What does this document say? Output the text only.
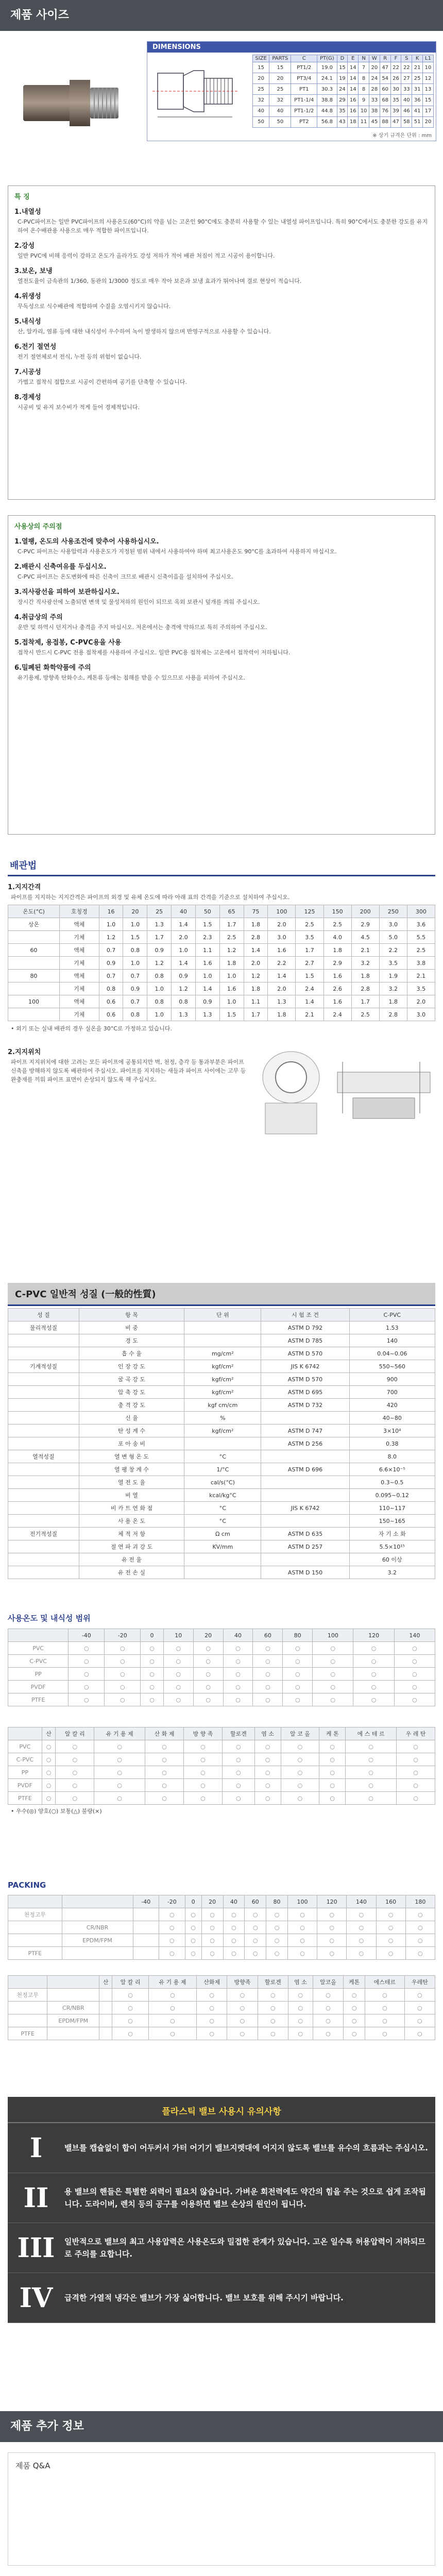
제품 사이즈
DIMENSIONS
SIZE	PARTS	C	PT(G)	D	E	N	W	R	F	S	K	L1
15	15	PT1/2	19.0	15	14	7	20	47	22	22	21	10
20	20	PT3/4	24.1	19	14	8	24	54	26	27	25	12
25	25	PT1	30.3	24	14	8	28	60	30	33	31	13
32	32	PT1-1/4	38.8	29	16	9	33	68	35	40	36	15
40	40	PT1-1/2	44.8	35	16	10	38	76	39	46	41	17
50	50	PT2	56.8	43	18	11	45	88	47	58	51	20
※ 상기 규격은 단위 : mm
특 징
1.내열성
C-PVC파이프는 일반 PVC파이프의 사용온도(60°C)의 약을 넘는 고온인 90°C에도 충분히 사용할 수 있는 내열성 파이프입니다. 특히 90°C에서도 충분한 강도를 유지하여 온수배관용 사용으로 매우 적합한 파이프입니다.
2.강성
일반 PVC에 비해 응력이 강하고 온도가 올라가도 강성 저하가 적어 배관 처짐이 적고 시공이 용이합니다.
3.보온, 보냉
열전도율이 금속관의 1/360, 동관의 1/3000 정도로 매우 작아 보온과 보냉 효과가 뛰어나며 결로 현상이 적습니다.
4.위생성
무독성으로 식수배관에 적합하며 수질을 오염시키지 않습니다.
5.내식성
산, 알카리, 염류 등에 대한 내식성이 우수하여 녹이 발생하지 않으며 반영구적으로 사용할 수 있습니다.
6.전기 절연성
전기 절연체로서 전식, 누전 등의 위험이 없습니다.
7.시공성
가볍고 접착식 접합으로 시공이 간편하며 공기를 단축할 수 있습니다.
8.경제성
시공비 및 유지 보수비가 적게 들어 경제적입니다.
사용상의 주의점
1.열팽, 온도의 사용조건에 맞추어 사용하십시오.
C-PVC 파이프는 사용압력과 사용온도가 지정된 범위 내에서 사용하여야 하며 최고사용온도 90°C를 초과하여 사용하지 마십시오.
2.배관시 신축여유를 두십시오.
C-PVC 파이프는 온도변화에 따른 신축이 크므로 배관시 신축이음을 설치하여 주십시오.
3.직사광선을 피하여 보관하십시오.
장시간 직사광선에 노출되면 변색 및 물성저하의 원인이 되므로 옥외 보관시 덮개를 씌워 주십시오.
4.취급상의 주의
운반 및 하역시 던지거나 충격을 주지 마십시오. 저온에서는 충격에 약하므로 특히 주의하여 주십시오.
5.접착제, 용접봉, C-PVC용을 사용
접착시 반드시 C-PVC 전용 접착제를 사용하여 주십시오. 일반 PVC용 접착제는 고온에서 접착력이 저하됩니다.
6.밀폐된 화학약품에 주의
유기용제, 방향족 탄화수소, 케톤류 등에는 침해를 받을 수 있으므로 사용을 피하여 주십시오.
배관법
1.지지간격
파이프를 지지하는 지지간격은 파이프의 외경 및 유체 온도에 따라 아래 표의 간격을 기준으로 설치하여 주십시오.
온도(°C)	호칭경	16	20	25	40	50	65	75	100	125	150	200	250	300
상온	액체	1.0	1.0	1.3	1.4	1.5	1.7	1.8	2.0	2.5	2.5	2.9	3.0	3.6
	기체	1.2	1.5	1.7	2.0	2.3	2.5	2.8	3.0	3.5	4.0	4.5	5.0	5.5
60	액체	0.7	0.8	0.9	1.0	1.1	1.2	1.4	1.6	1.7	1.8	2.1	2.2	2.5
	기체	0.9	1.0	1.2	1.4	1.6	1.8	2.0	2.2	2.7	2.9	3.2	3.5	3.8
80	액체	0.7	0.7	0.8	0.9	1.0	1.0	1.2	1.4	1.5	1.6	1.8	1.9	2.1
	기체	0.8	0.9	1.0	1.2	1.4	1.6	1.8	2.0	2.4	2.6	2.8	3.2	3.5
100	액체	0.6	0.7	0.8	0.8	0.9	1.0	1.1	1.3	1.4	1.6	1.7	1.8	2.0
	기체	0.6	0.8	1.0	1.3	1.3	1.5	1.7	1.8	2.1	2.4	2.5	2.8	3.0
• 외기 또는 실내 배관의 경우 실온을 30°C로 가정하고 있습니다.
2.지지위치
파이프 지지위치에 대한 고려는 모든 파이프에 공통되지만 벽, 천정, 층각 등 통과부분은 파이프 신축을 방해하지 않도록 배관하여 주십시오. 파이프를 지지하는 새들과 파이프 사이에는 고무 등 완충재를 끼워 파이프 표면이 손상되지 않도록 해 주십시오.
C-PVC 일반적 성질 (一般的性質)
성 질	항 목	단 위	시 험 조 건	C-PVC
물리적성질	비 중		ASTM D 792	1.53
	경 도		ASTM D 785	140
	흡 수 율	mg/cm²	ASTM D 570	0.04~0.06
기계적성질	인 장 강 도	kgf/cm²	JIS K 6742	550~560
	굴 곡 강 도	kgf/cm²	ASTM D 570	900
	압 축 강 도	kgf/cm²	ASTM D 695	700
	충 격 강 도	kgf cm/cm	ASTM D 732	420
	신 율	%		40~80
	탄 성 계 수	kgf/cm²	ASTM D 747	3×10⁴
	포 아 송 비		ASTM D 256	0.38
열적성질	열 변 형 온 도	°C		8.0
	열 팽 창 계 수	1/°C	ASTM D 696	6.6×10⁻⁵
	열 전 도 율	cal/s(°C)		0.3~0.5
	비 열	kcal/kg°C		0.095~0.12
	비 카 트 연 화 점	°C	JIS K 6742	110~117
	사 용 온 도	°C		150~165
전기적성질	체 적 저 항	Ω cm	ASTM D 635	자 기 소 화
	절 연 파 괴 강 도	KV/mm	ASTM D 257	5.5×10¹⁵
	유 전 율			60 이상
	유 전 손 실		ASTM D 150	3.2
사용온도 및 내식성 범위
	-40	-20	0	10	20	40	60	80	100	120	140
PVC	○	○	○	○	○	○	○	○	○	○	○
C-PVC	○	○	○	○	○	○	○	○	○	○	○
PP	○	○	○	○	○	○	○	○	○	○	○
PVDF	○	○	○	○	○	○	○	○	○	○	○
PTFE	○	○	○	○	○	○	○	○	○	○	○
	산	알 칼 리	유 기 용 제	산 화 제	방 향 족	할로겐	염 소	알 코 올	케 톤	에 스 테 르	우 레 탄
PVC	○	○	○	○	○	○	○	○	○	○	○
C-PVC	○	○	○	○	○	○	○	○	○	○	○
PP	○	○	○	○	○	○	○	○	○	○	○
PVDF	○	○	○	○	○	○	○	○	○	○	○
PTFE	○	○	○	○	○	○	○	○	○	○	○
• 우수(◎) 양호(○) 보통(△) 불량(×)
PACKING
		-40	-20	0	20	40	60	80	100	120	140	160	180
천정고무			○	○	○	○	○	○	○	○	○	○	○
	CR/NBR		○	○	○	○	○	○	○	○	○	○	○
	EPDM/FPM		○	○	○	○	○	○	○	○	○	○	○
PTFE			○	○	○	○	○	○	○	○	○	○	○
		산	알 칼 리	유 기 용 제	산화제	방향족	할로겐	염 소	알코올	케톤	에스테르	우레탄
천정고무			○	○	○	○	○	○	○	○	○	○
	CR/NBR		○	○	○	○	○	○	○	○	○	○
	EPDM/FPM		○	○	○	○	○	○	○	○	○	○
PTFE			○	○	○	○	○	○	○	○	○	○
플라스틱 밸브 사용시 유의사항
I	밸브를 캡슐없이 합이 어두커서 가터 어기기 밸브지렛대에 어지지 않도록 밸브를 유수의 흐름과는 주십시오.
II	용 밸브의 핸들은 특별한 외력이 필요치 않습니다. 가벼운 회전력에도 약간의 힘을 주는 것으로 쉽게 조작됩니다. 도라이버, 렌치 등의 공구를 이용하면 밸브 손상의 원인이 됩니다.
III	일반적으로 밸브의 최고 사용압력은 사용온도와 밀접한 관계가 있습니다. 고온 일수록 허용압력이 저하되므로 주의를 요합니다.
IV	급격한 가열적 냉각은 밸브가 가장 싫어합니다. 밸브 보호를 위해 주시기 바랍니다.
제품 추가 정보
제품 Q&A
